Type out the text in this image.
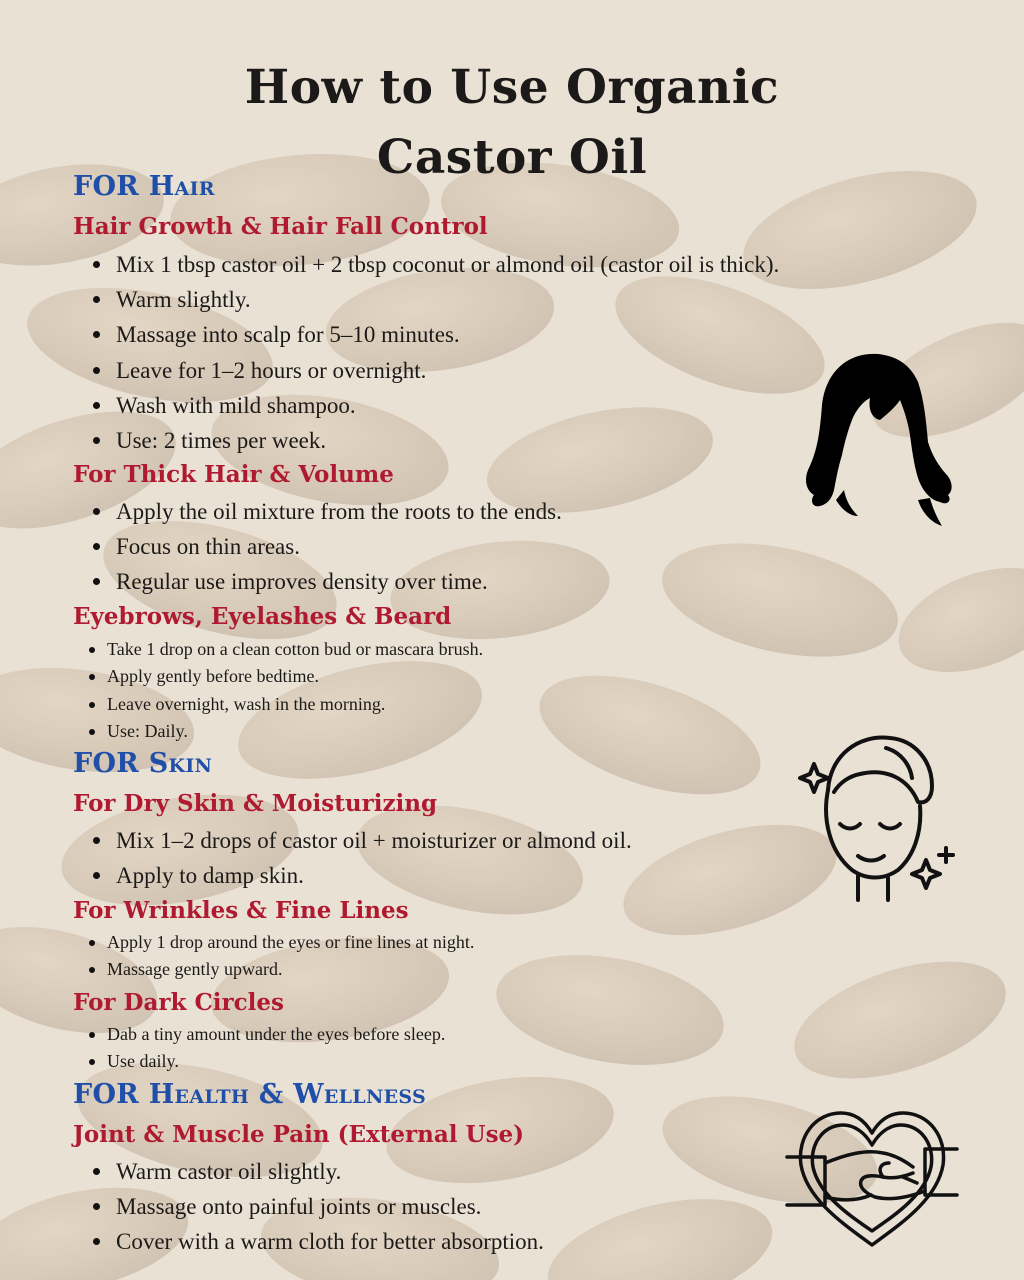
How to Use Organic
Castor Oil
FOR Hair
Hair Growth & Hair Fall Control
Mix 1 tbsp castor oil + 2 tbsp coconut or almond oil (castor oil is thick).
Warm slightly.
Massage into scalp for 5–10 minutes.
Leave for 1–2 hours or overnight.
Wash with mild shampoo.
Use: 2 times per week.
For Thick Hair & Volume
Apply the oil mixture from the roots to the ends.
Focus on thin areas.
Regular use improves density over time.
Eyebrows, Eyelashes & Beard
Take 1 drop on a clean cotton bud or mascara brush.
Apply gently before bedtime.
Leave overnight, wash in the morning.
Use: Daily.
FOR Skin
For Dry Skin & Moisturizing
Mix 1–2 drops of castor oil + moisturizer or almond oil.
Apply to damp skin.
For Wrinkles & Fine Lines
Apply 1 drop around the eyes or fine lines at night.
Massage gently upward.
For Dark Circles
Dab a tiny amount under the eyes before sleep.
Use daily.
FOR Health & Wellness
Joint & Muscle Pain (External Use)
Warm castor oil slightly.
Massage onto painful joints or muscles.
Cover with a warm cloth for better absorption.
